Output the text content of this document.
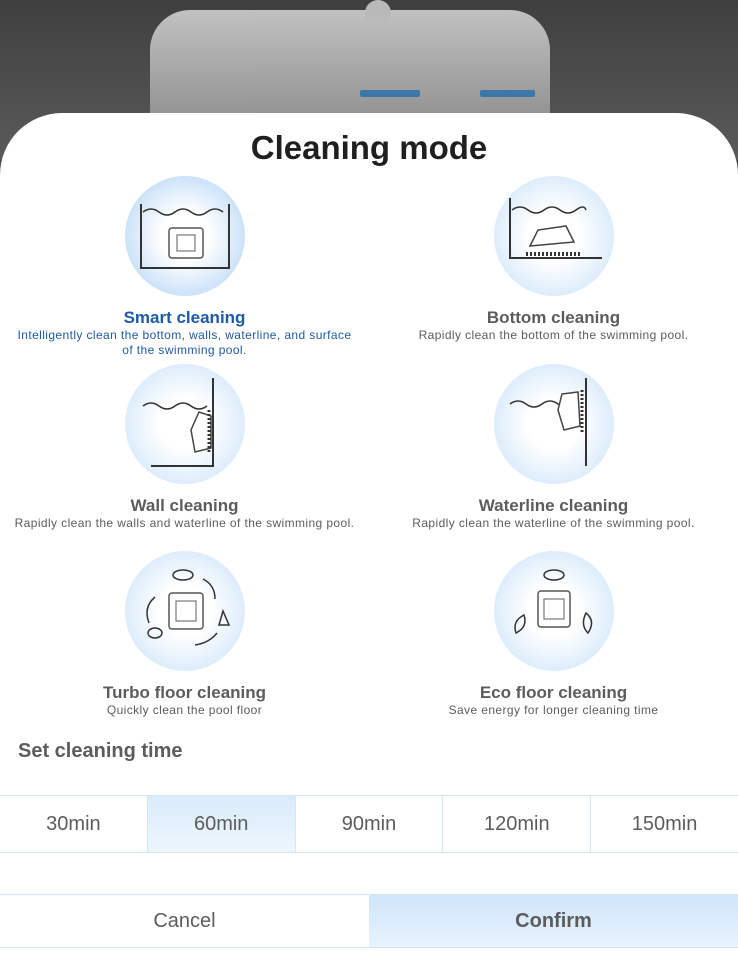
Cleaning mode
Smart cleaning
Intelligently clean the bottom, walls, waterline, and surface of the swimming pool.
Bottom cleaning
Rapidly clean the bottom of the swimming pool.
Wall cleaning
Rapidly clean the walls and waterline of the swimming pool.
Waterline cleaning
Rapidly clean the waterline of the swimming pool.
Turbo floor cleaning
Quickly clean the pool floor
Eco floor cleaning
Save energy for longer cleaning time
Set cleaning time
30min	60min	90min	120min	150min
Cancel	Confirm
